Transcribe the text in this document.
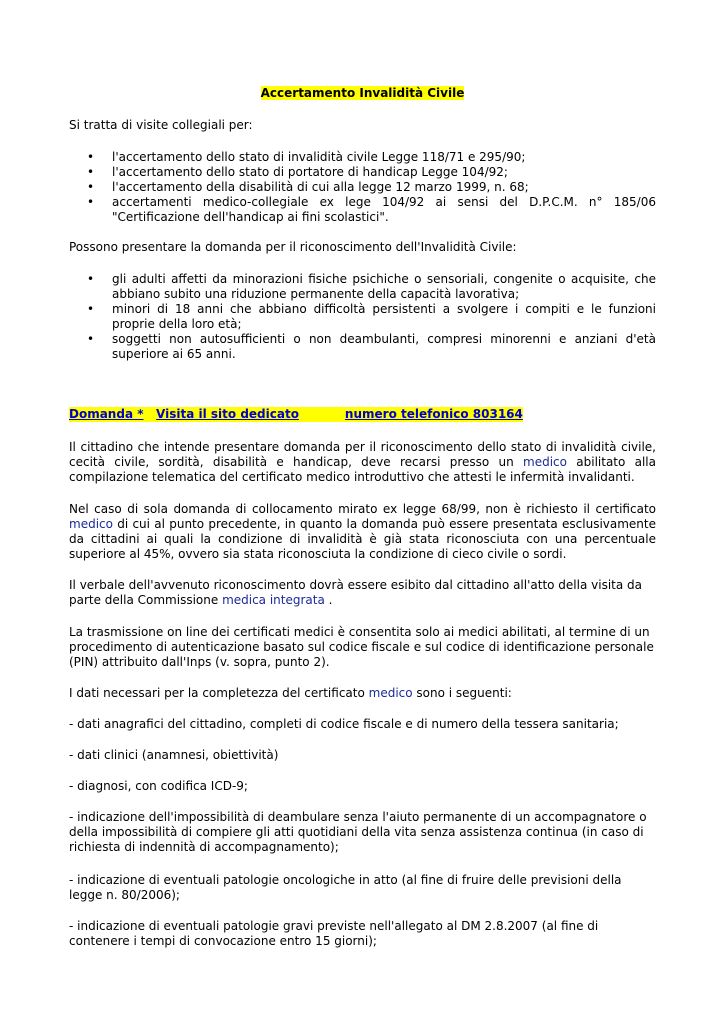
Accertamento Invalidità Civile

Si tratta di visite collegiali per:

• l'accertamento dello stato di invalidità civile Legge 118/71 e 295/90;
• l'accertamento dello stato di portatore di handicap Legge 104/92;
• l'accertamento della disabilità di cui alla legge 12 marzo 1999, n. 68;
• accertamenti medico-collegiale ex lege 104/92 ai sensi del D.P.C.M. n° 185/06 "Certificazione dell'handicap ai fini scolastici".

Possono presentare la domanda per il riconoscimento dell'Invalidità Civile:

• gli adulti affetti da minorazioni fisiche psichiche o sensoriali, congenite o acquisite, che abbiano subito una riduzione permanente della capacità lavorativa;
• minori di 18 anni che abbiano difficoltà persistenti a svolgere i compiti e le funzioni proprie della loro età;
• soggetti non autosufficienti o non deambulanti, compresi minorenni e anziani d'età superiore ai 65 anni.
Domanda * Visita il sito dedicato	numero telefonico 803164

Il cittadino che intende presentare domanda per il riconoscimento dello stato di invalidità civile, cecità civile, sordità, disabilità e handicap, deve recarsi presso un medico abilitato alla compilazione telematica del certificato medico introduttivo che attesti le infermità invalidanti.

Nel caso di sola domanda di collocamento mirato ex legge 68/99, non è richiesto il certificato medico di cui al punto precedente, in quanto la domanda può essere presentata esclusivamente da cittadini ai quali la condizione di invalidità è già stata riconosciuta con una percentuale superiore al 45%, ovvero sia stata riconosciuta la condizione di cieco civile o sordi.

Il verbale dell'avvenuto riconoscimento dovrà essere esibito dal cittadino all'atto della visita da parte della Commissione medica integrata .

La trasmissione on line dei certificati medici è consentita solo ai medici abilitati, al termine di un procedimento di autenticazione basato sul codice fiscale e sul codice di identificazione personale (PIN) attribuito dall'Inps (v. sopra, punto 2).

I dati necessari per la completezza del certificato medico sono i seguenti:

- dati anagrafici del cittadino, completi di codice fiscale e di numero della tessera sanitaria;

- dati clinici (anamnesi, obiettività)

- diagnosi, con codifica ICD-9;

- indicazione dell'impossibilità di deambulare senza l'aiuto permanente di un accompagnatore o della impossibilità di compiere gli atti quotidiani della vita senza assistenza continua (in caso di richiesta di indennità di accompagnamento);

- indicazione di eventuali patologie oncologiche in atto (al fine di fruire delle previsioni della legge n. 80/2006);

- indicazione di eventuali patologie gravi previste nell'allegato al DM 2.8.2007 (al fine di contenere i tempi di convocazione entro 15 giorni);
